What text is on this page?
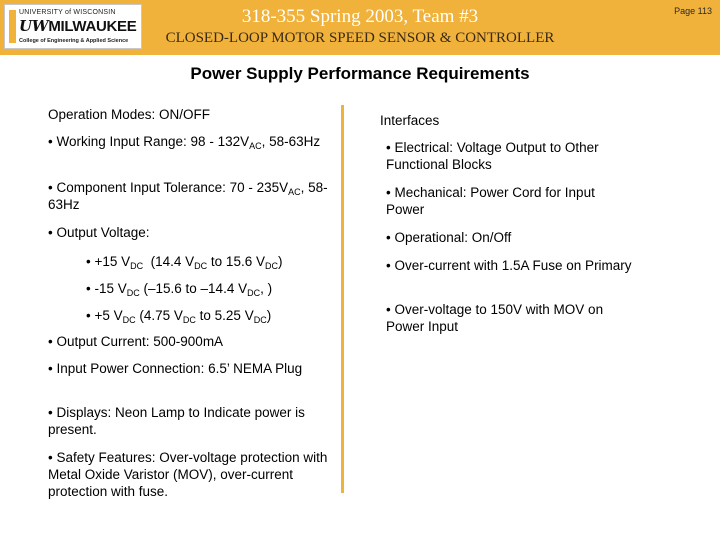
UNIVERSITY of WISCONSIN
UWMILWAUKEE
College of Engineering & Applied Science
318-355 Spring 2003, Team #3
CLOSED-LOOP MOTOR SPEED SENSOR & CONTROLLER
Page 113
Power Supply Performance Requirements

Operation Modes: ON/OFF

• Working Input Range: $98 - 132V_{AC}$, 58-63Hz

• Component Input Tolerance: $70 - 235V_{AC}$, 58- 63Hz

• Output Voltage:

• +15 $V_{DC}$  (14.4 $V_{DC}$ to 15.6 $V_{DC}$)

• -15 $V_{DC}$ (–15.6 to –14.4 $V_{DC}$, )

• +5 $V_{DC}$ (4.75 $V_{DC}$ to 5.25 $V_{DC}$)

• Output Current: 500-900mA

• Input Power Connection: 6.5’ NEMA Plug

• Displays: Neon Lamp to Indicate power is present.

• Safety Features: Over-voltage protection with Metal Oxide Varistor (MOV), over-current protection with fuse.

Interfaces

• Electrical: Voltage Output to Other Functional Blocks

• Mechanical: Power Cord for Input Power

• Operational: On/Off

• Over-current with 1.5A Fuse on Primary

• Over-voltage to 150V with MOV on Power Input
